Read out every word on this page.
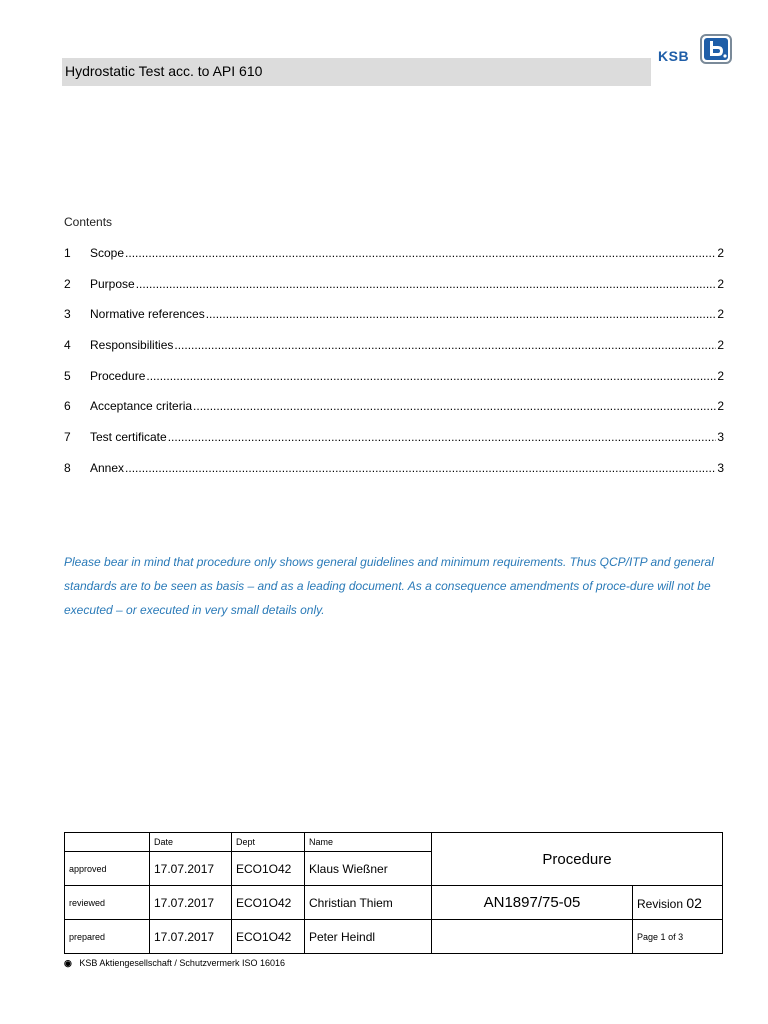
Hydrostatic Test acc. to API 610
KSB
Contents
1	Scope .....	2
2	Purpose .....	2
3	Normative references .....	2
4	Responsibilities .....	2
5	Procedure .....	2
6	Acceptance criteria .....	2
7	Test certificate .....	3
8	Annex .....	3
Please bear in mind that procedure only shows general guidelines and minimum requirements. Thus QCP/ITP and general standards are to be seen as basis – and as a leading document. As a consequence amendments of proce-dure will not be executed – or executed in very small details only.
	Date	Dept	Name	Procedure	
approved	17.07.2017	ECO1O42	Klaus Wießner		
reviewed	17.07.2017	ECO1O42	Christian Thiem	AN1897/75-05	Revision 02
prepared	17.07.2017	ECO1O42	Peter Heindl		Page 1 of 3
◉ KSB Aktiengesellschaft / Schutzvermerk ISO 16016
